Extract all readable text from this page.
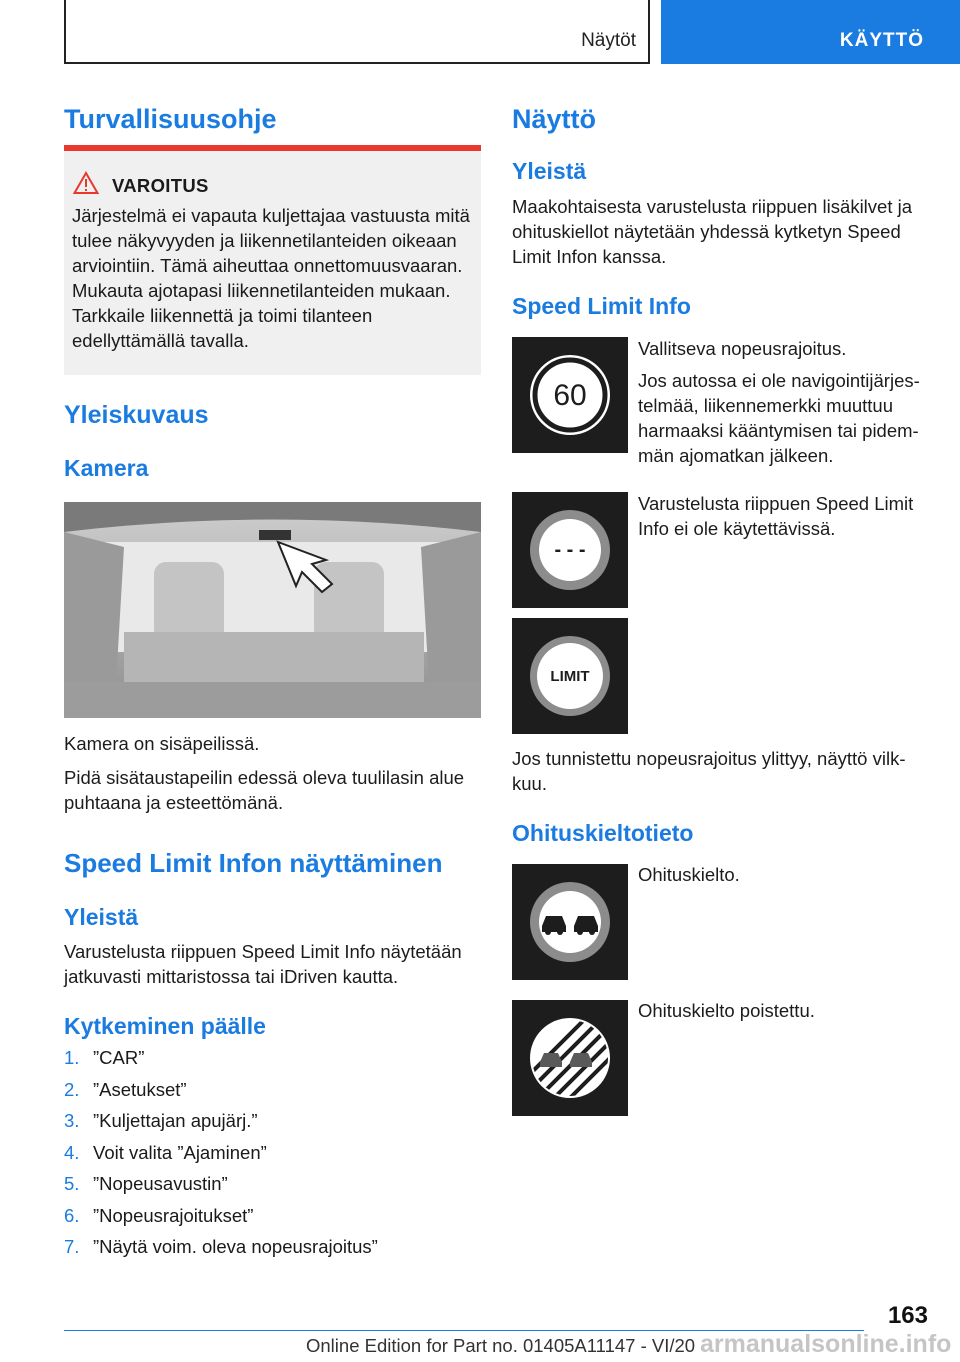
Näytöt	KÄYTTÖ
Turvallisuusohje
VAROITUS
Järjestelmä ei vapauta kuljettajaa vastuusta mitä tulee näkyvyyden ja liikennetilanteiden oikeaan arviointiin. Tämä aiheuttaa onnettomuusvaaran. Mukauta ajotapasi liikennetilanteiden mukaan. Tarkkaile liikennettä ja toimi tilanteen edellyttämällä tavalla.
Yleiskuvaus
Kamera
Kamera on sisäpeilissä.
Pidä sisätaustapeilin edessä oleva tuulilasin alue puhtaana ja esteettömänä.
Speed Limit Infon näyttäminen
Yleistä
Varustelusta riippuen Speed Limit Info näytetään jatkuvasti mittaristossa tai iDriven kautta.
Kytkeminen päälle
1. ”CAR”
2. ”Asetukset”
3. ”Kuljettajan apujärj.”
4. Voit valita ”Ajaminen”
5. ”Nopeusavustin”
6. ”Nopeusrajoitukset”
7. ”Näytä voim. oleva nopeusrajoitus”
Näyttö
Yleistä
Maakohtaisesta varustelusta riippuen lisäkilvet ja ohituskiellot näytetään yhdessä kytketyn Speed Limit Infon kanssa.
Speed Limit Info
60
Vallitseva nopeusrajoitus.
Jos autossa ei ole navigointijärjestelmää, liikennemerkki muuttuu harmaaksi kääntymisen tai pidemmän ajomatkan jälkeen.
- - -
Varustelusta riippuen Speed Limit Info ei ole käytettävissä.
LIMIT
Jos tunnistettu nopeusrajoitus ylittyy, näyttö vilkkuu.
Ohituskieltotieto
Ohituskielto.
Ohituskielto poistettu.
163
Online Edition for Part no. 01405A11147 - VI/20 armanualsonline.info
